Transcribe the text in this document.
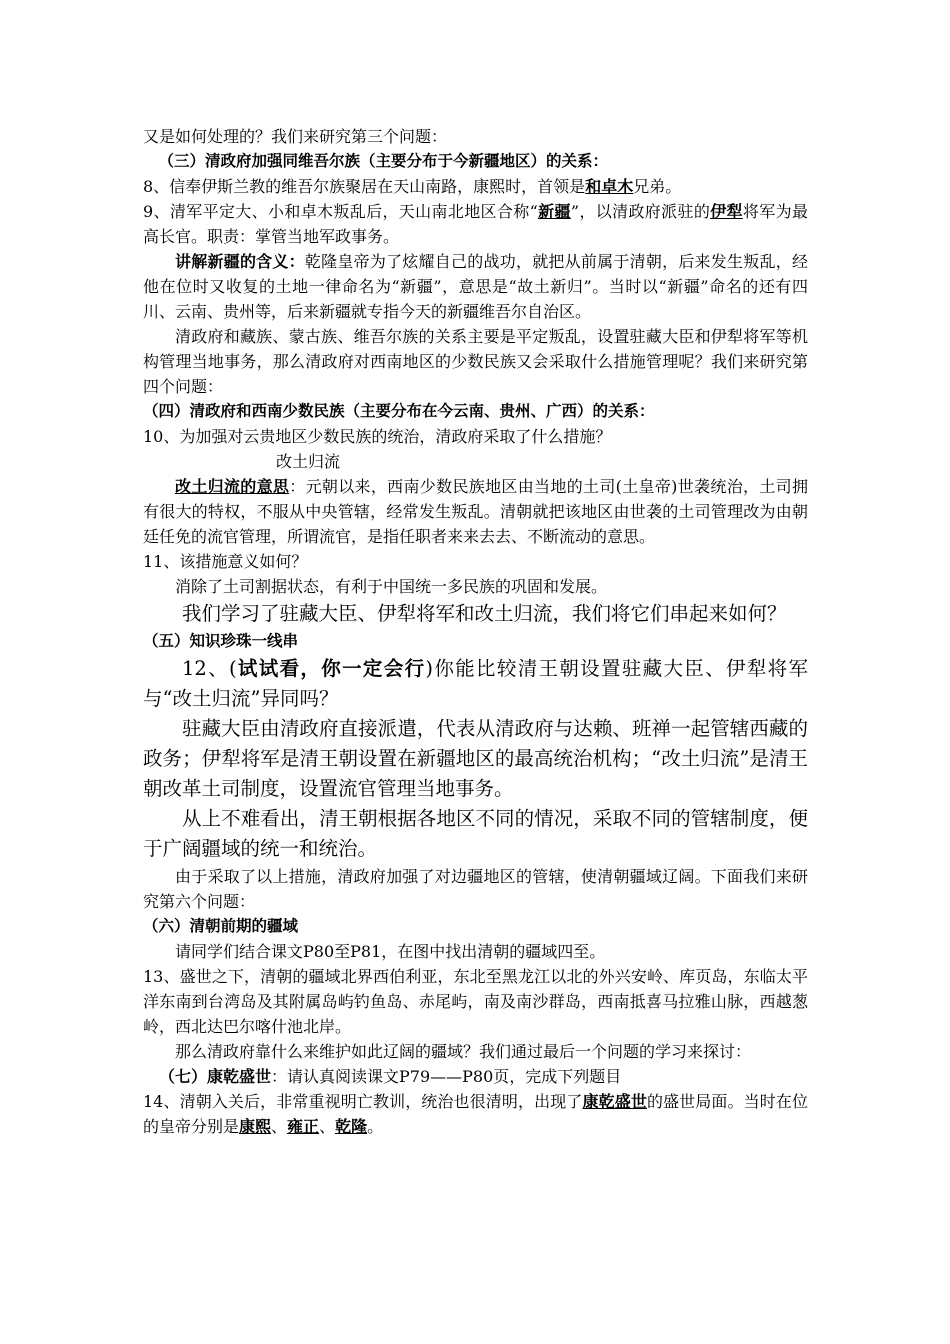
又是如何处理的？我们来研究第三个问题：

（三）清政府加强同维吾尔族（主要分布于今新疆地区）的关系：

8、信奉伊斯兰教的维吾尔族聚居在天山南路，康熙时，首领是和卓木兄弟。

9、清军平定大、小和卓木叛乱后，天山南北地区合称“新疆”，以清政府派驻的伊犁将军为最高长官。职责：掌管当地军政事务。

讲解新疆的含义：乾隆皇帝为了炫耀自己的战功，就把从前属于清朝，后来发生叛乱，经他在位时又收复的土地一律命名为“新疆”，意思是“故土新归”。当时以“新疆”命名的还有四川、云南、贵州等，后来新疆就专指今天的新疆维吾尔自治区。

清政府和藏族、蒙古族、维吾尔族的关系主要是平定叛乱，设置驻藏大臣和伊犁将军等机构管理当地事务，那么清政府对西南地区的少数民族又会采取什么措施管理呢？我们来研究第四个问题：

（四）清政府和西南少数民族（主要分布在今云南、贵州、广西）的关系：

10、为加强对云贵地区少数民族的统治，清政府采取了什么措施？

改土归流

改土归流的意思：元朝以来，西南少数民族地区由当地的土司(土皇帝)世袭统治，土司拥有很大的特权，不服从中央管辖，经常发生叛乱。清朝就把该地区由世袭的土司管理改为由朝廷任免的流官管理，所谓流官，是指任职者来来去去、不断流动的意思。

11、该措施意义如何？

消除了土司割据状态，有利于中国统一多民族的巩固和发展。

我们学习了驻藏大臣、伊犁将军和改土归流，我们将它们串起来如何？

（五）知识珍珠一线串

12、(试试看，你一定会行)你能比较清王朝设置驻藏大臣、伊犁将军与“改土归流”异同吗？

驻藏大臣由清政府直接派遣，代表从清政府与达赖、班禅一起管辖西藏的政务；伊犁将军是清王朝设置在新疆地区的最高统治机构；“改土归流”是清王朝改革土司制度，设置流官管理当地事务。

从上不难看出，清王朝根据各地区不同的情况，采取不同的管辖制度，便于广阔疆域的统一和统治。

由于采取了以上措施，清政府加强了对边疆地区的管辖，使清朝疆域辽阔。下面我们来研究第六个问题：

（六）清朝前期的疆域

请同学们结合课文P80至P81，在图中找出清朝的疆域四至。

13、盛世之下，清朝的疆域北界西伯利亚，东北至黑龙江以北的外兴安岭、库页岛，东临太平洋东南到台湾岛及其附属岛屿钓鱼岛、赤尾屿，南及南沙群岛，西南抵喜马拉雅山脉，西越葱岭，西北达巴尔喀什池北岸。

那么清政府靠什么来维护如此辽阔的疆域？我们通过最后一个问题的学习来探讨：

（七）康乾盛世：请认真阅读课文P79——P80页，完成下列题目

14、清朝入关后，非常重视明亡教训，统治也很清明，出现了康乾盛世的盛世局面。当时在位的皇帝分别是康熙、雍正、乾隆。
